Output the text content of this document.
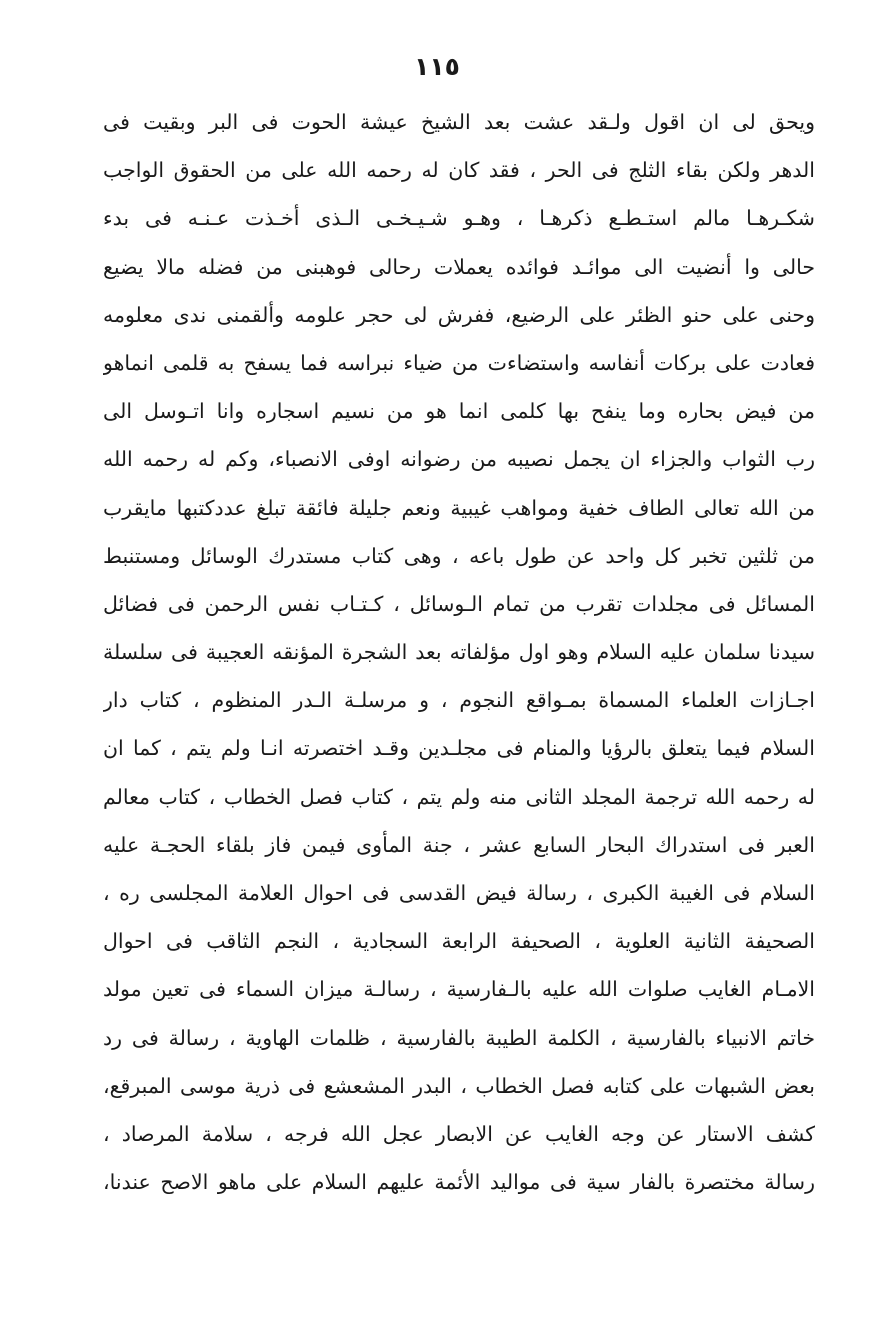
١١٥
ويحق لى ان اقول ولـقد عشت بعد الشيخ عيشة الحوت فى البر وبقيت فى
الدهر ولكن بقاء الثلج فى الحر ، فقد كان له رحمه الله على من الحقوق الواجب
شكـرهـا مالم استـطـع ذكرهـا ، وهـو شـيـخـى الـذى أخـذت عـنـه فى بدء
حالى وا أنضيت الى موائـد فوائده يعملات رحالى فوهبنى من فضله مالا يضيع
وحنى على حنو الظئر على الرضيع، ففرش لى حجر علومه وألقمنى ندى معلومه
فعادت على بركات أنفاسه واستضاءت من ضياء نبراسه فما يسفح به قلمى انماهو
من فيض بحاره وما ينفح بها كلمى انما هو من نسيم اسجاره وانا اتـوسل الى
رب الثواب والجزاء ان يجمل نصيبه من رضوانه اوفى الانصباء، وكم له رحمه الله
من الله تعالى الطاف خفية ومواهب غيبية ونعم جليلة فائقة تبلغ عددكتبها مايقرب
من ثلثين تخبر كل واحد عن طول باعه ، وهى كتاب مستدرك الوسائل ومستنبط
المسائل فى مجلدات تقرب من تمام الـوسائل ، كـتـاب نفس الرحمن فى فضائل
سيدنا سلمان عليه السلام وهو اول مؤلفاته بعد الشجرة المؤنقه العجيبة فى سلسلة
اجـازات العلماء المسماة بمـواقع النجوم ، و مرسلـة الـدر المنظوم ، كتاب دار
السلام فيما يتعلق بالرؤيا والمنام فى مجلـدين وقـد اختصرته انـا ولم يتم ، كما ان
له رحمه الله ترجمة المجلد الثانى منه ولم يتم ، كتاب فصل الخطاب ، كتاب معالم
العبر فى استدراك البحار السابع عشر ، جنة المأوى فيمن فاز بلقاء الحجـة عليه
السلام فى الغيبة الكبرى ، رسالة فيض القدسى فى احوال العلامة المجلسى ره ،
الصحيفة الثانية العلوية ، الصحيفة الرابعة السجادية ، النجم الثاقب فى احوال
الامـام الغايب صلوات الله عليه بالـفارسية ، رسالـة ميزان السماء فى تعين مولد
خاتم الانبياء بالفارسية ، الكلمة الطيبة بالفارسية ، ظلمات الهاوية ، رسالة فى رد
بعض الشبهات على كتابه فصل الخطاب ، البدر المشعشع فى ذرية موسى المبرقع،
كشف الاستار عن وجه الغايب عن الابصار عجل الله فرجه ، سلامة المرصاد ،
رسالة مختصرة بالفار سية فى مواليد الأئمة عليهم السلام على ماهو الاصح عندنا،
